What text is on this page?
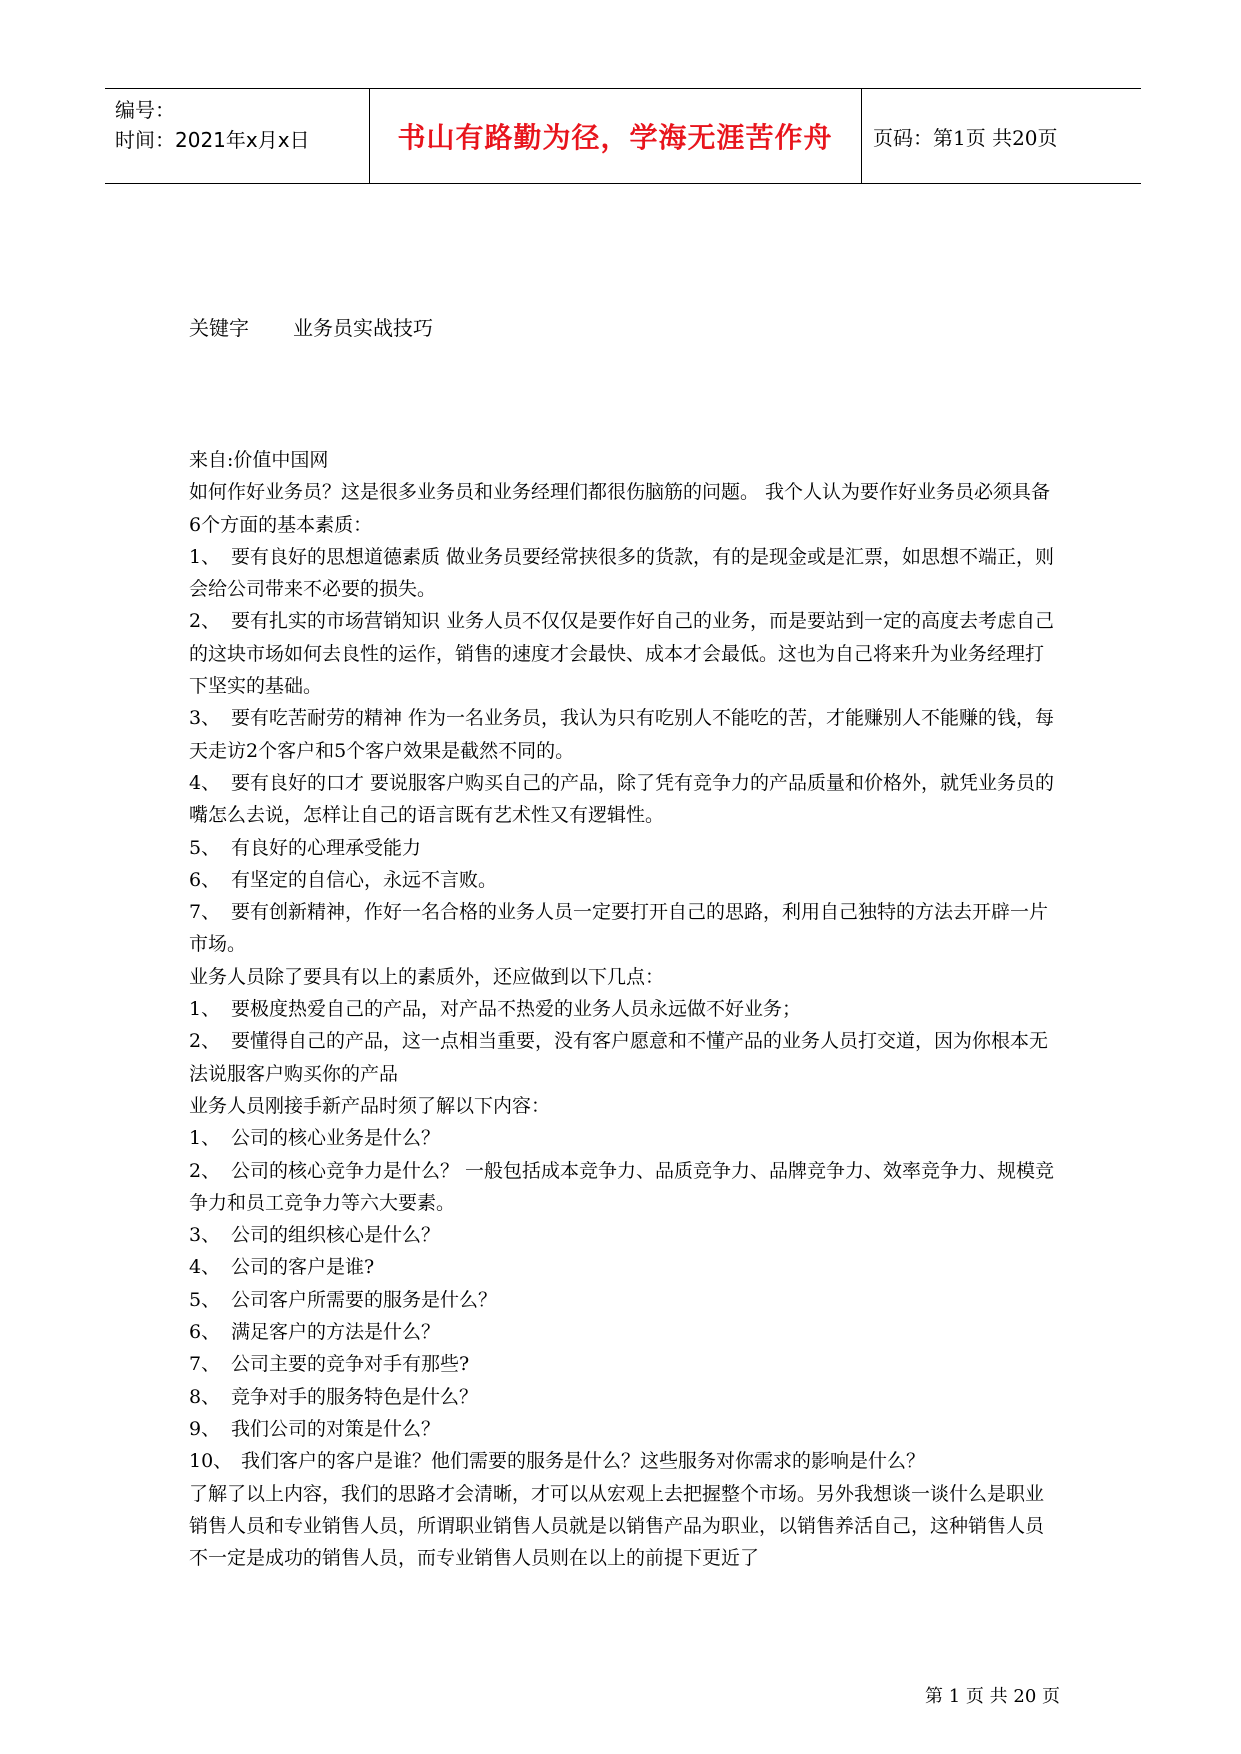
编号：
时间：2021年x月x日	书山有路勤为径，学海无涯苦作舟	页码：第1页 共20页
关键字 业务员实战技巧

来自:价值中国网

如何作好业务员？这是很多业务员和业务经理们都很伤脑筋的问题。 我个人认为要作好业务员必须具备6个方面的基本素质：

1、 要有良好的思想道德素质 做业务员要经常挟很多的货款，有的是现金或是汇票，如思想不端正，则会给公司带来不必要的损失。

2、 要有扎实的市场营销知识 业务人员不仅仅是要作好自己的业务，而是要站到一定的高度去考虑自己的这块市场如何去良性的运作，销售的速度才会最快、成本才会最低。这也为自己将来升为业务经理打下坚实的基础。

3、 要有吃苦耐劳的精神 作为一名业务员，我认为只有吃别人不能吃的苦，才能赚别人不能赚的钱，每天走访2个客户和5个客户效果是截然不同的。

4、 要有良好的口才 要说服客户购买自己的产品，除了凭有竞争力的产品质量和价格外，就凭业务员的嘴怎么去说，怎样让自己的语言既有艺术性又有逻辑性。

5、 有良好的心理承受能力

6、 有坚定的自信心，永远不言败。

7、 要有创新精神，作好一名合格的业务人员一定要打开自己的思路，利用自己独特的方法去开辟一片市场。

业务人员除了要具有以上的素质外，还应做到以下几点：

1、 要极度热爱自己的产品，对产品不热爱的业务人员永远做不好业务；

2、 要懂得自己的产品，这一点相当重要，没有客户愿意和不懂产品的业务人员打交道，因为你根本无法说服客户购买你的产品

业务人员刚接手新产品时须了解以下内容：

1、 公司的核心业务是什么？

2、 公司的核心竞争力是什么？ 一般包括成本竞争力、品质竞争力、品牌竞争力、效率竞争力、规模竞争力和员工竞争力等六大要素。

3、 公司的组织核心是什么？

4、 公司的客户是谁?

5、 公司客户所需要的服务是什么？

6、 满足客户的方法是什么？

7、 公司主要的竞争对手有那些?

8、 竞争对手的服务特色是什么？

9、 我们公司的对策是什么？

10、 我们客户的客户是谁？他们需要的服务是什么？这些服务对你需求的影响是什么？

了解了以上内容，我们的思路才会清晰，才可以从宏观上去把握整个市场。另外我想谈一谈什么是职业销售人员和专业销售人员，所谓职业销售人员就是以销售产品为职业，以销售养活自己，这种销售人员不一定是成功的销售人员，而专业销售人员则在以上的前提下更近了

第 1 页 共 20 页
